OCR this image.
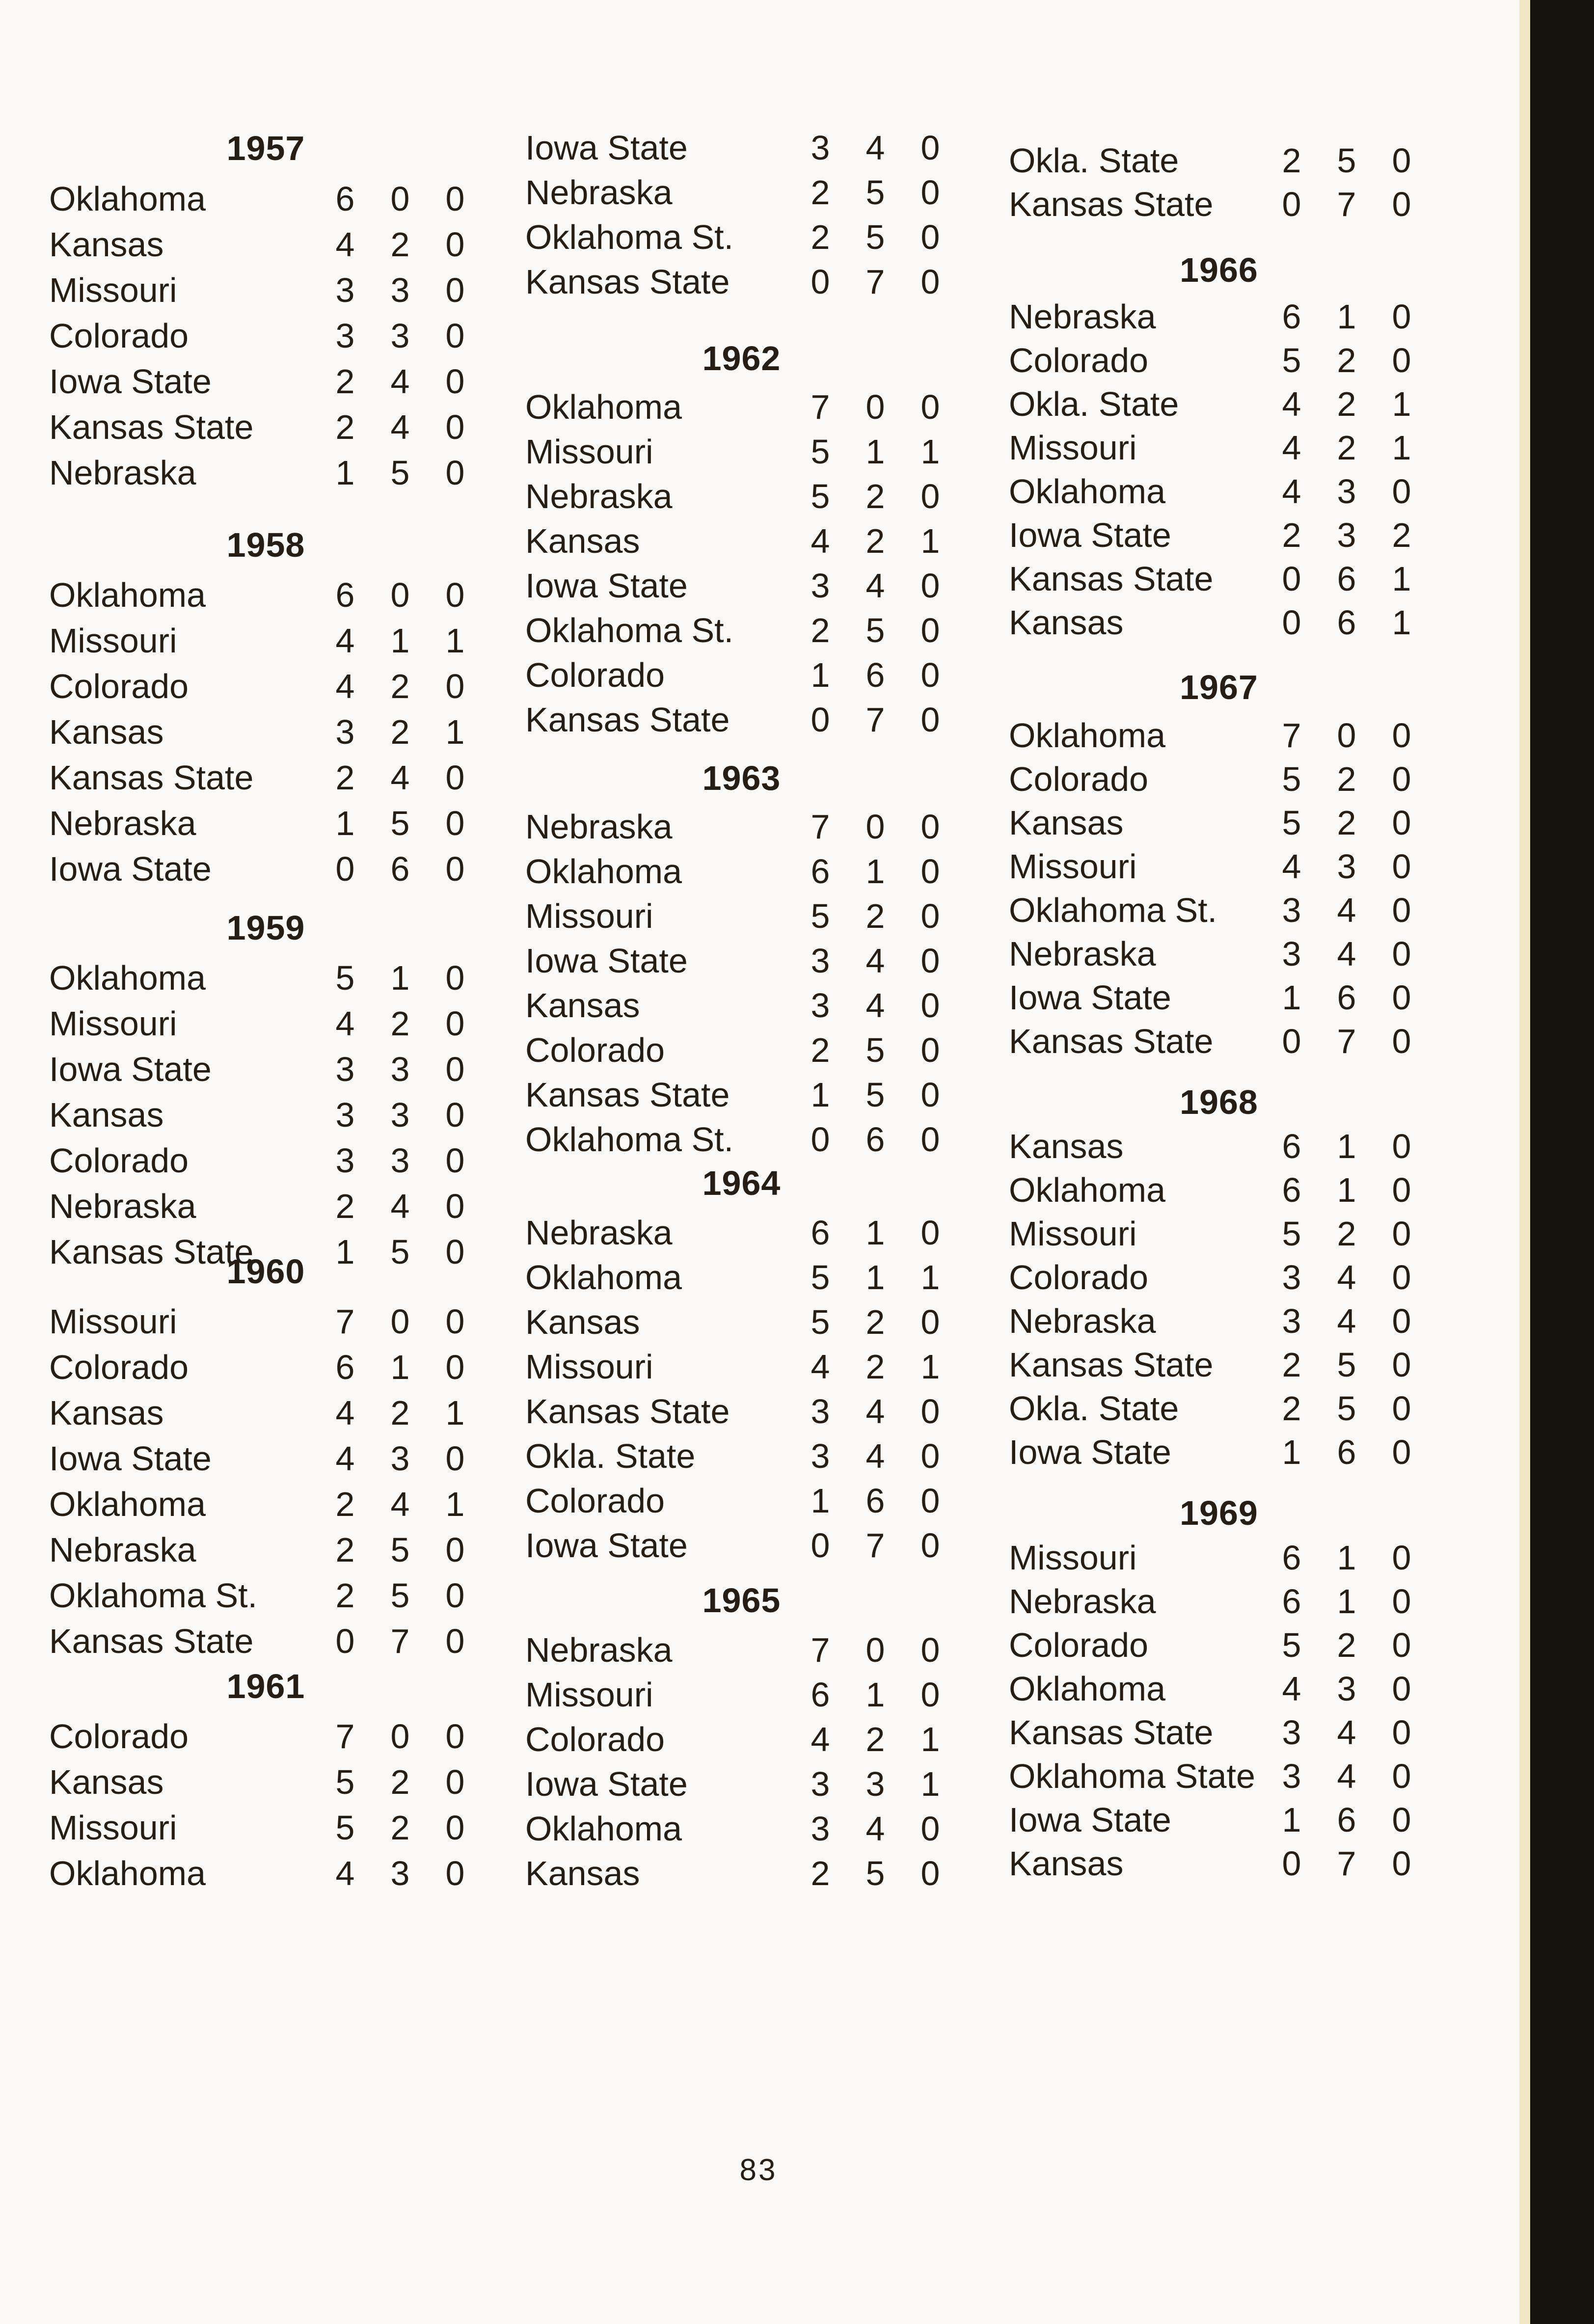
83
1957
Oklahoma	6	0	0
Kansas	4	2	0
Missouri	3	3	0
Colorado	3	3	0
Iowa State	2	4	0
Kansas State	2	4	0
Nebraska	1	5	0
1958
Oklahoma	6	0	0
Missouri	4	1	1
Colorado	4	2	0
Kansas	3	2	1
Kansas State	2	4	0
Nebraska	1	5	0
Iowa State	0	6	0
1959
Oklahoma	5	1	0
Missouri	4	2	0
Iowa State	3	3	0
Kansas	3	3	0
Colorado	3	3	0
Nebraska	2	4	0
Kansas State	1	5	0
1960
Missouri	7	0	0
Colorado	6	1	0
Kansas	4	2	1
Iowa State	4	3	0
Oklahoma	2	4	1
Nebraska	2	5	0
Oklahoma St.	2	5	0
Kansas State	0	7	0
1961
Colorado	7	0	0
Kansas	5	2	0
Missouri	5	2	0
Oklahoma	4	3	0
Iowa State	3	4	0
Nebraska	2	5	0
Oklahoma St.	2	5	0
Kansas State	0	7	0
1962
Oklahoma	7	0	0
Missouri	5	1	1
Nebraska	5	2	0
Kansas	4	2	1
Iowa State	3	4	0
Oklahoma St.	2	5	0
Colorado	1	6	0
Kansas State	0	7	0
1963
Nebraska	7	0	0
Oklahoma	6	1	0
Missouri	5	2	0
Iowa State	3	4	0
Kansas	3	4	0
Colorado	2	5	0
Kansas State	1	5	0
Oklahoma St.	0	6	0
1964
Nebraska	6	1	0
Oklahoma	5	1	1
Kansas	5	2	0
Missouri	4	2	1
Kansas State	3	4	0
Okla. State	3	4	0
Colorado	1	6	0
Iowa State	0	7	0
1965
Nebraska	7	0	0
Missouri	6	1	0
Colorado	4	2	1
Iowa State	3	3	1
Oklahoma	3	4	0
Kansas	2	5	0
Okla. State	2	5	0
Kansas State	0	7	0
1966
Nebraska	6	1	0
Colorado	5	2	0
Okla. State	4	2	1
Missouri	4	2	1
Oklahoma	4	3	0
Iowa State	2	3	2
Kansas State	0	6	1
Kansas	0	6	1
1967
Oklahoma	7	0	0
Colorado	5	2	0
Kansas	5	2	0
Missouri	4	3	0
Oklahoma St.	3	4	0
Nebraska	3	4	0
Iowa State	1	6	0
Kansas State	0	7	0
1968
Kansas	6	1	0
Oklahoma	6	1	0
Missouri	5	2	0
Colorado	3	4	0
Nebraska	3	4	0
Kansas State	2	5	0
Okla. State	2	5	0
Iowa State	1	6	0
1969
Missouri	6	1	0
Nebraska	6	1	0
Colorado	5	2	0
Oklahoma	4	3	0
Kansas State	3	4	0
Oklahoma State 3	4	0
Iowa State	1	6	0
Kansas	0	7	0
